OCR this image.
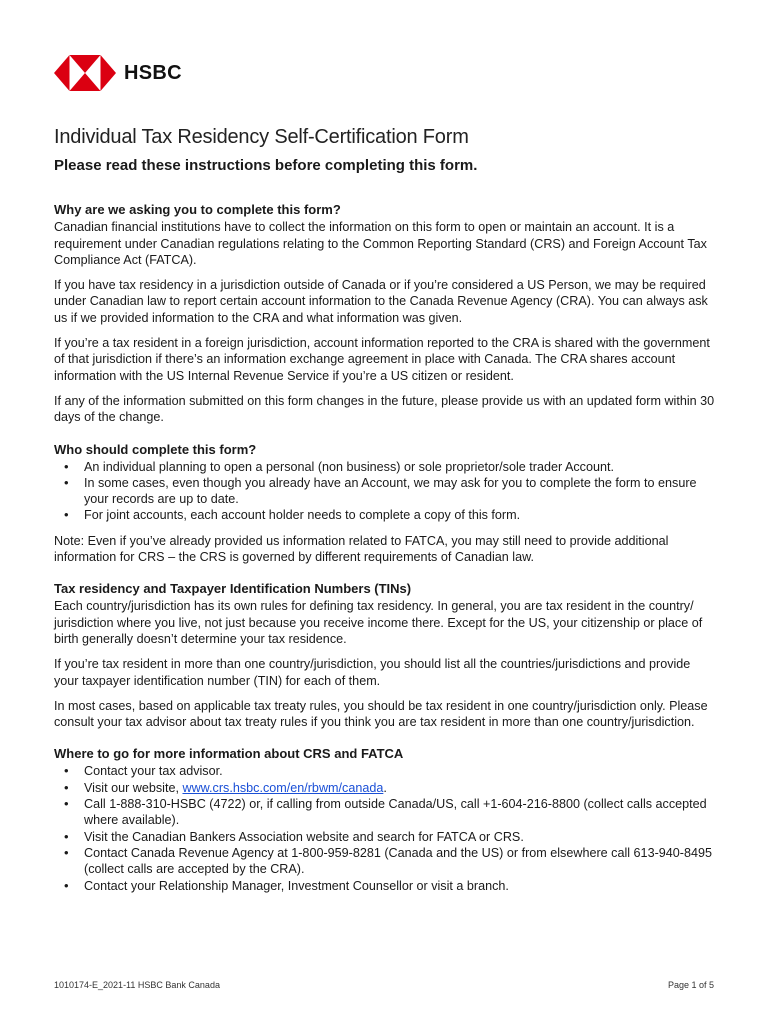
HSBC
Individual Tax Residency Self-Certification Form

Please read these instructions before completing this form.

Why are we asking you to complete this form?

Canadian financial institutions have to collect the information on this form to open or maintain an account. It is a requirement under Canadian regulations relating to the Common Reporting Standard (CRS) and Foreign Account Tax Compliance Act (FATCA).

If you have tax residency in a jurisdiction outside of Canada or if you’re considered a US Person, we may be required under Canadian law to report certain account information to the Canada Revenue Agency (CRA). You can always ask us if we provided information to the CRA and what information was given.

If you’re a tax resident in a foreign jurisdiction, account information reported to the CRA is shared with the government of that jurisdiction if there’s an information exchange agreement in place with Canada. The CRA shares account information with the US Internal Revenue Service if you’re a US citizen or resident.

If any of the information submitted on this form changes in the future, please provide us with an updated form within 30 days of the change.

Who should complete this form?
• An individual planning to open a personal (non business) or sole proprietor/sole trader Account.
• In some cases, even though you already have an Account, we may ask for you to complete the form to ensure your records are up to date.
• For joint accounts, each account holder needs to complete a copy of this form.

Note: Even if you’ve already provided us information related to FATCA, you may still need to provide additional information for CRS – the CRS is governed by different requirements of Canadian law.

Tax residency and Taxpayer Identification Numbers (TINs)

Each country/jurisdiction has its own rules for defining tax residency. In general, you are tax resident in the country/ jurisdiction where you live, not just because you receive income there. Except for the US, your citizenship or place of birth generally doesn’t determine your tax residence.

If you’re tax resident in more than one country/jurisdiction, you should list all the countries/jurisdictions and provide your taxpayer identification number (TIN) for each of them.

In most cases, based on applicable tax treaty rules, you should be tax resident in one country/jurisdiction only. Please consult your tax advisor about tax treaty rules if you think you are tax resident in more than one country/jurisdiction.

Where to go for more information about CRS and FATCA
• Contact your tax advisor.
• Visit our website, www.crs.hsbc.com/en/rbwm/canada.
• Call 1-888-310-HSBC (4722) or, if calling from outside Canada/US, call +1-604-216-8800 (collect calls accepted where available).
• Visit the Canadian Bankers Association website and search for FATCA or CRS.
• Contact Canada Revenue Agency at 1-800-959-8281 (Canada and the US) or from elsewhere call 613-940-8495 (collect calls are accepted by the CRA).
• Contact your Relationship Manager, Investment Counsellor or visit a branch.
1010174-E_2021-11 HSBC Bank Canada	Page 1 of 5
